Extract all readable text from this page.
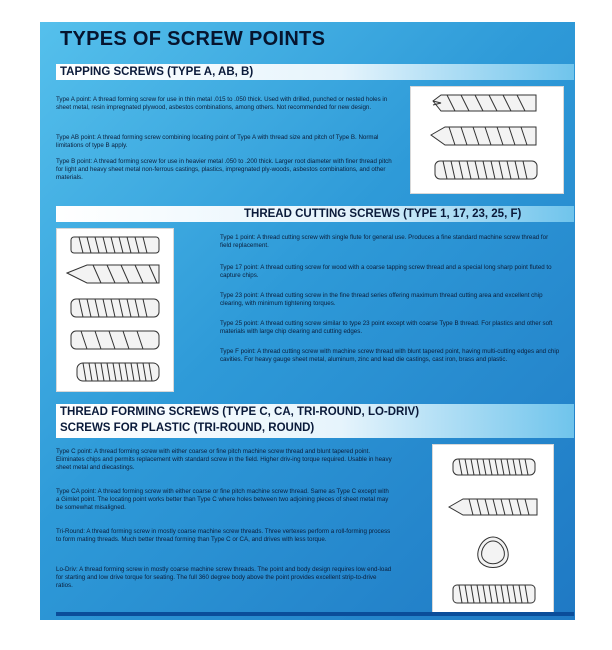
TYPES OF SCREW POINTS
TAPPING SCREWS (TYPE A, AB, B)

Type A point: A thread forming screw for use in thin metal .015 to .050 thick. Used with drilled, punched or nested holes in sheet metal, resin impregnated plywood, asbestos combinations, among others. Not recommended for new design.

Type AB point: A thread forming screw combining locating point of Type A with thread size and pitch of Type B. Normal limitations of type B apply.

Type B point: A thread forming screw for use in heavier metal .050 to .200 thick. Larger root diameter with finer thread pitch for light and heavy sheet metal non-ferrous castings, plastics, impregnated ply-woods, asbestos combinations, and other materials.

THREAD CUTTING SCREWS (TYPE 1, 17, 23, 25, F)

Type 1 point: A thread cutting screw with single flute for general use. Produces a fine standard machine screw thread for field replacement.

Type 17 point: A thread cutting screw for wood with a coarse tapping screw thread and a special long sharp point fluted to capture chips.

Type 23 point: A thread cutting screw in the fine thread series offering maximum thread cutting area and excellent chip clearing, with minimum tightening torques.

Type 25 point: A thread cutting screw similar to type 23 point except with coarse Type B thread. For plastics and other soft materials with large chip clearing and cutting edges.

Type F point: A thread cutting screw with machine screw thread with blunt tapered point, having multi-cutting edges and chip cavities. For heavy gauge sheet metal, aluminum, zinc and lead die castings, cast iron, brass and plastic.

THREAD FORMING SCREWS (TYPE C, CA, TRI-ROUND, LO-DRIV)
SCREWS FOR PLASTIC (TRI-ROUND, ROUND)

Type C point: A thread forming screw with either coarse or fine pitch machine screw thread and blunt tapered point. Eliminates chips and permits replacement with standard screw in the field. Higher driv-ing torque required. Usable in heavy sheet metal and diecastings.

Type CA point: A thread forming screw with either coarse or fine pitch machine screw thread. Same as Type C except with a Gimlet point. The locating point works better than Type C where holes between two adjoining pieces of sheet metal may be somewhat misaligned.

Tri-Round: A thread forming screw in mostly coarse machine screw threads. Three vertexes perform a roll-forming process to form mating threads. Much better thread forming than Type C or CA, and drives with less torque.

Lo-Driv: A thread forming screw in mostly coarse machine screw threads. The point and body design requires low end-load for starting and low drive torque for seating. The full 360 degree body above the point provides excellent strip-to-drive ratios.
